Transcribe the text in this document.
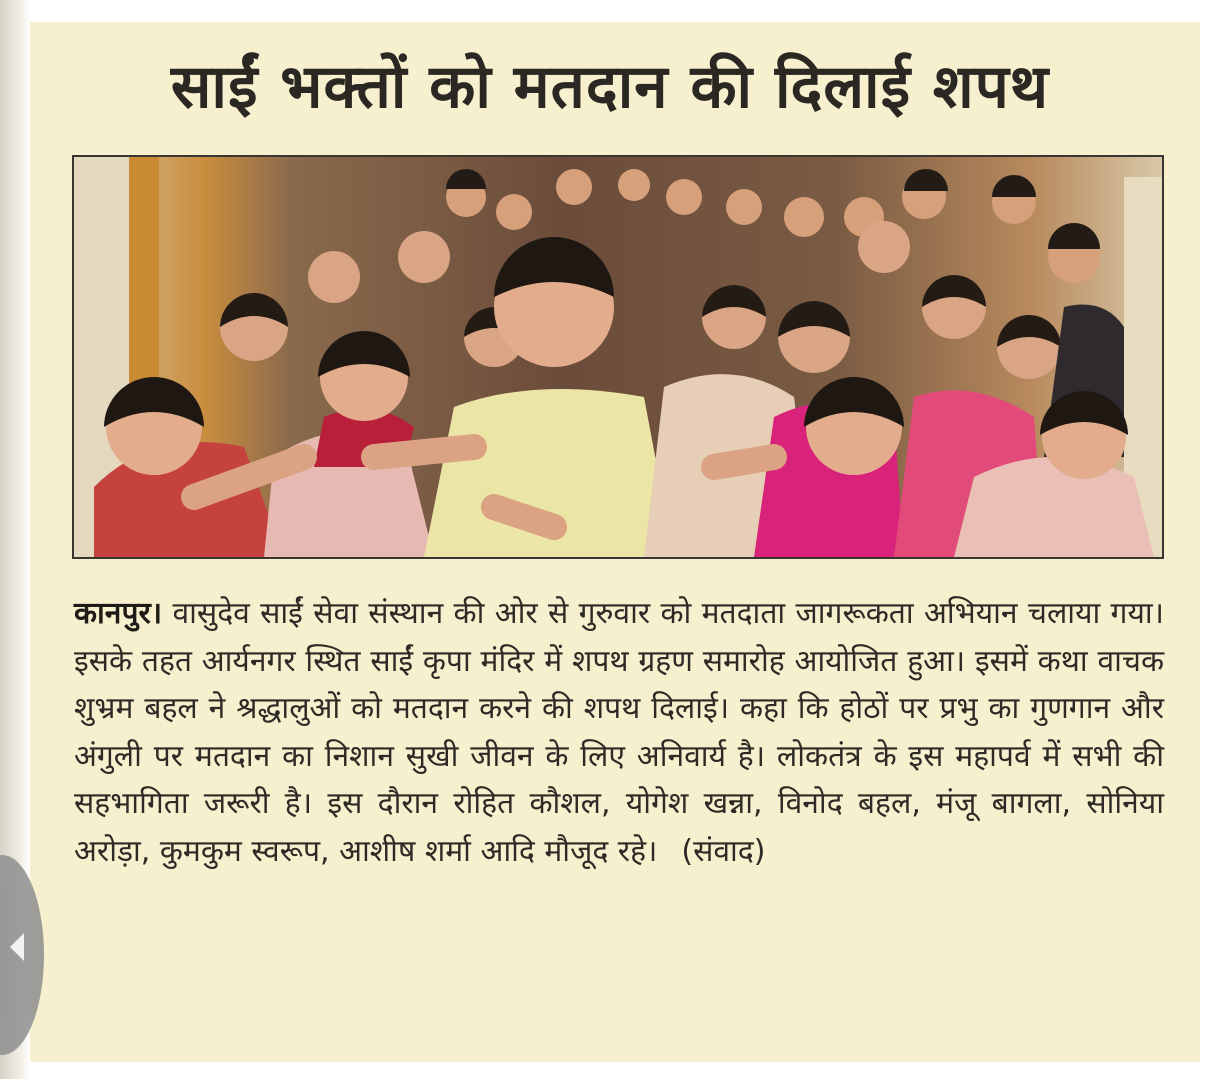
साईं भक्तों को मतदान की दिलाई शपथ

कानपुर। वासुदेव साईं सेवा संस्थान की ओर से गुरुवार को मतदाता जागरूकता अभियान चलाया गया। इसके तहत आर्यनगर स्थित साईं कृपा मंदिर में शपथ ग्रहण समारोह आयोजित हुआ। इसमें कथा वाचक शुभ्रम बहल ने श्रद्धालुओं को मतदान करने की शपथ दिलाई। कहा कि होठों पर प्रभु का गुणगान और अंगुली पर मतदान का निशान सुखी जीवन के लिए अनिवार्य है। लोकतंत्र के इस महापर्व में सभी की सहभागिता जरूरी है। इस दौरान रोहित कौशल, योगेश खन्ना, विनोद बहल, मंजू बागला, सोनिया अरोड़ा, कुमकुम स्वरूप, आशीष शर्मा आदि मौजूद रहे। (संवाद)
